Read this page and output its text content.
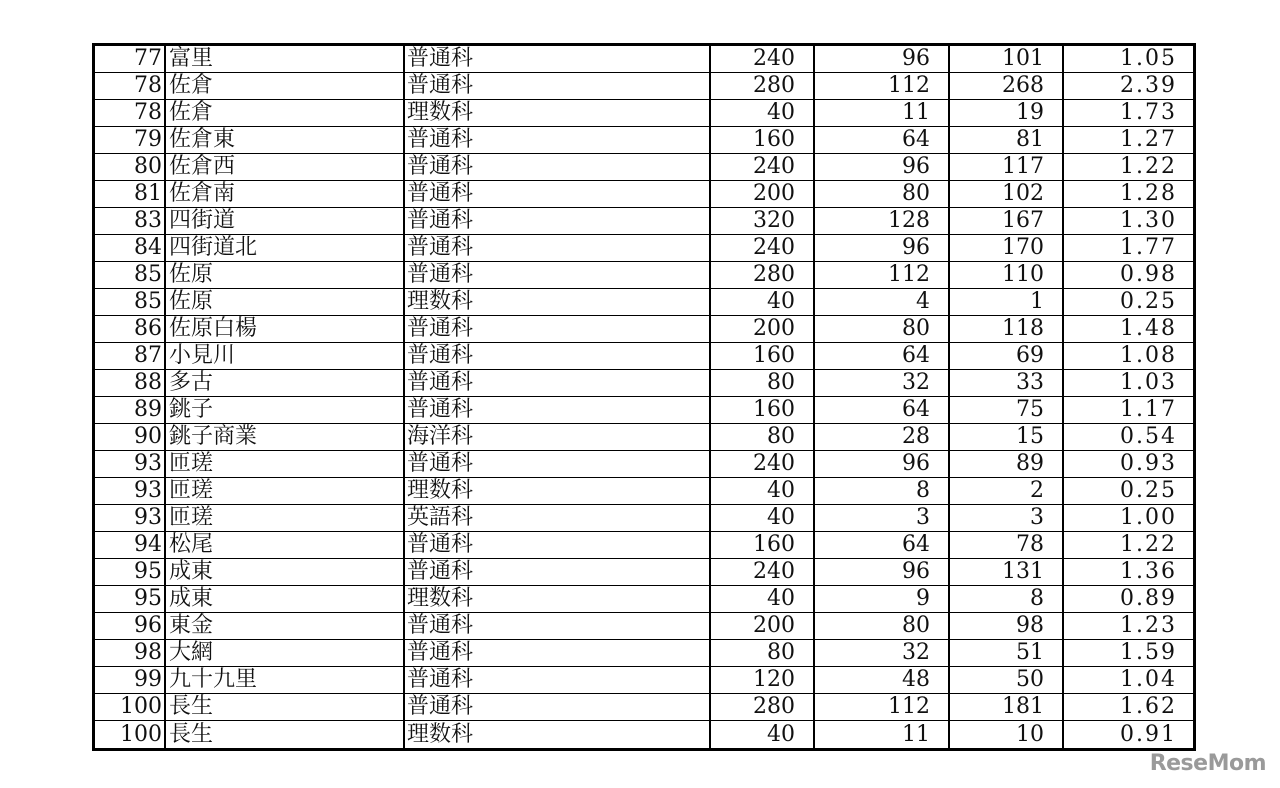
77	富里	普通科	240	96	101	1.05
78	佐倉	普通科	280	112	268	2.39
78	佐倉	理数科	40	11	19	1.73
79	佐倉東	普通科	160	64	81	1.27
80	佐倉西	普通科	240	96	117	1.22
81	佐倉南	普通科	200	80	102	1.28
83	四街道	普通科	320	128	167	1.30
84	四街道北	普通科	240	96	170	1.77
85	佐原	普通科	280	112	110	0.98
85	佐原	理数科	40	4	1	0.25
86	佐原白楊	普通科	200	80	118	1.48
87	小見川	普通科	160	64	69	1.08
88	多古	普通科	80	32	33	1.03
89	銚子	普通科	160	64	75	1.17
90	銚子商業	海洋科	80	28	15	0.54
93	匝瑳	普通科	240	96	89	0.93
93	匝瑳	理数科	40	8	2	0.25
93	匝瑳	英語科	40	3	3	1.00
94	松尾	普通科	160	64	78	1.22
95	成東	普通科	240	96	131	1.36
95	成東	理数科	40	9	8	0.89
96	東金	普通科	200	80	98	1.23
98	大網	普通科	80	32	51	1.59
99	九十九里	普通科	120	48	50	1.04
100	長生	普通科	280	112	181	1.62
100	長生	理数科	40	11	10	0.91
ReseMom
